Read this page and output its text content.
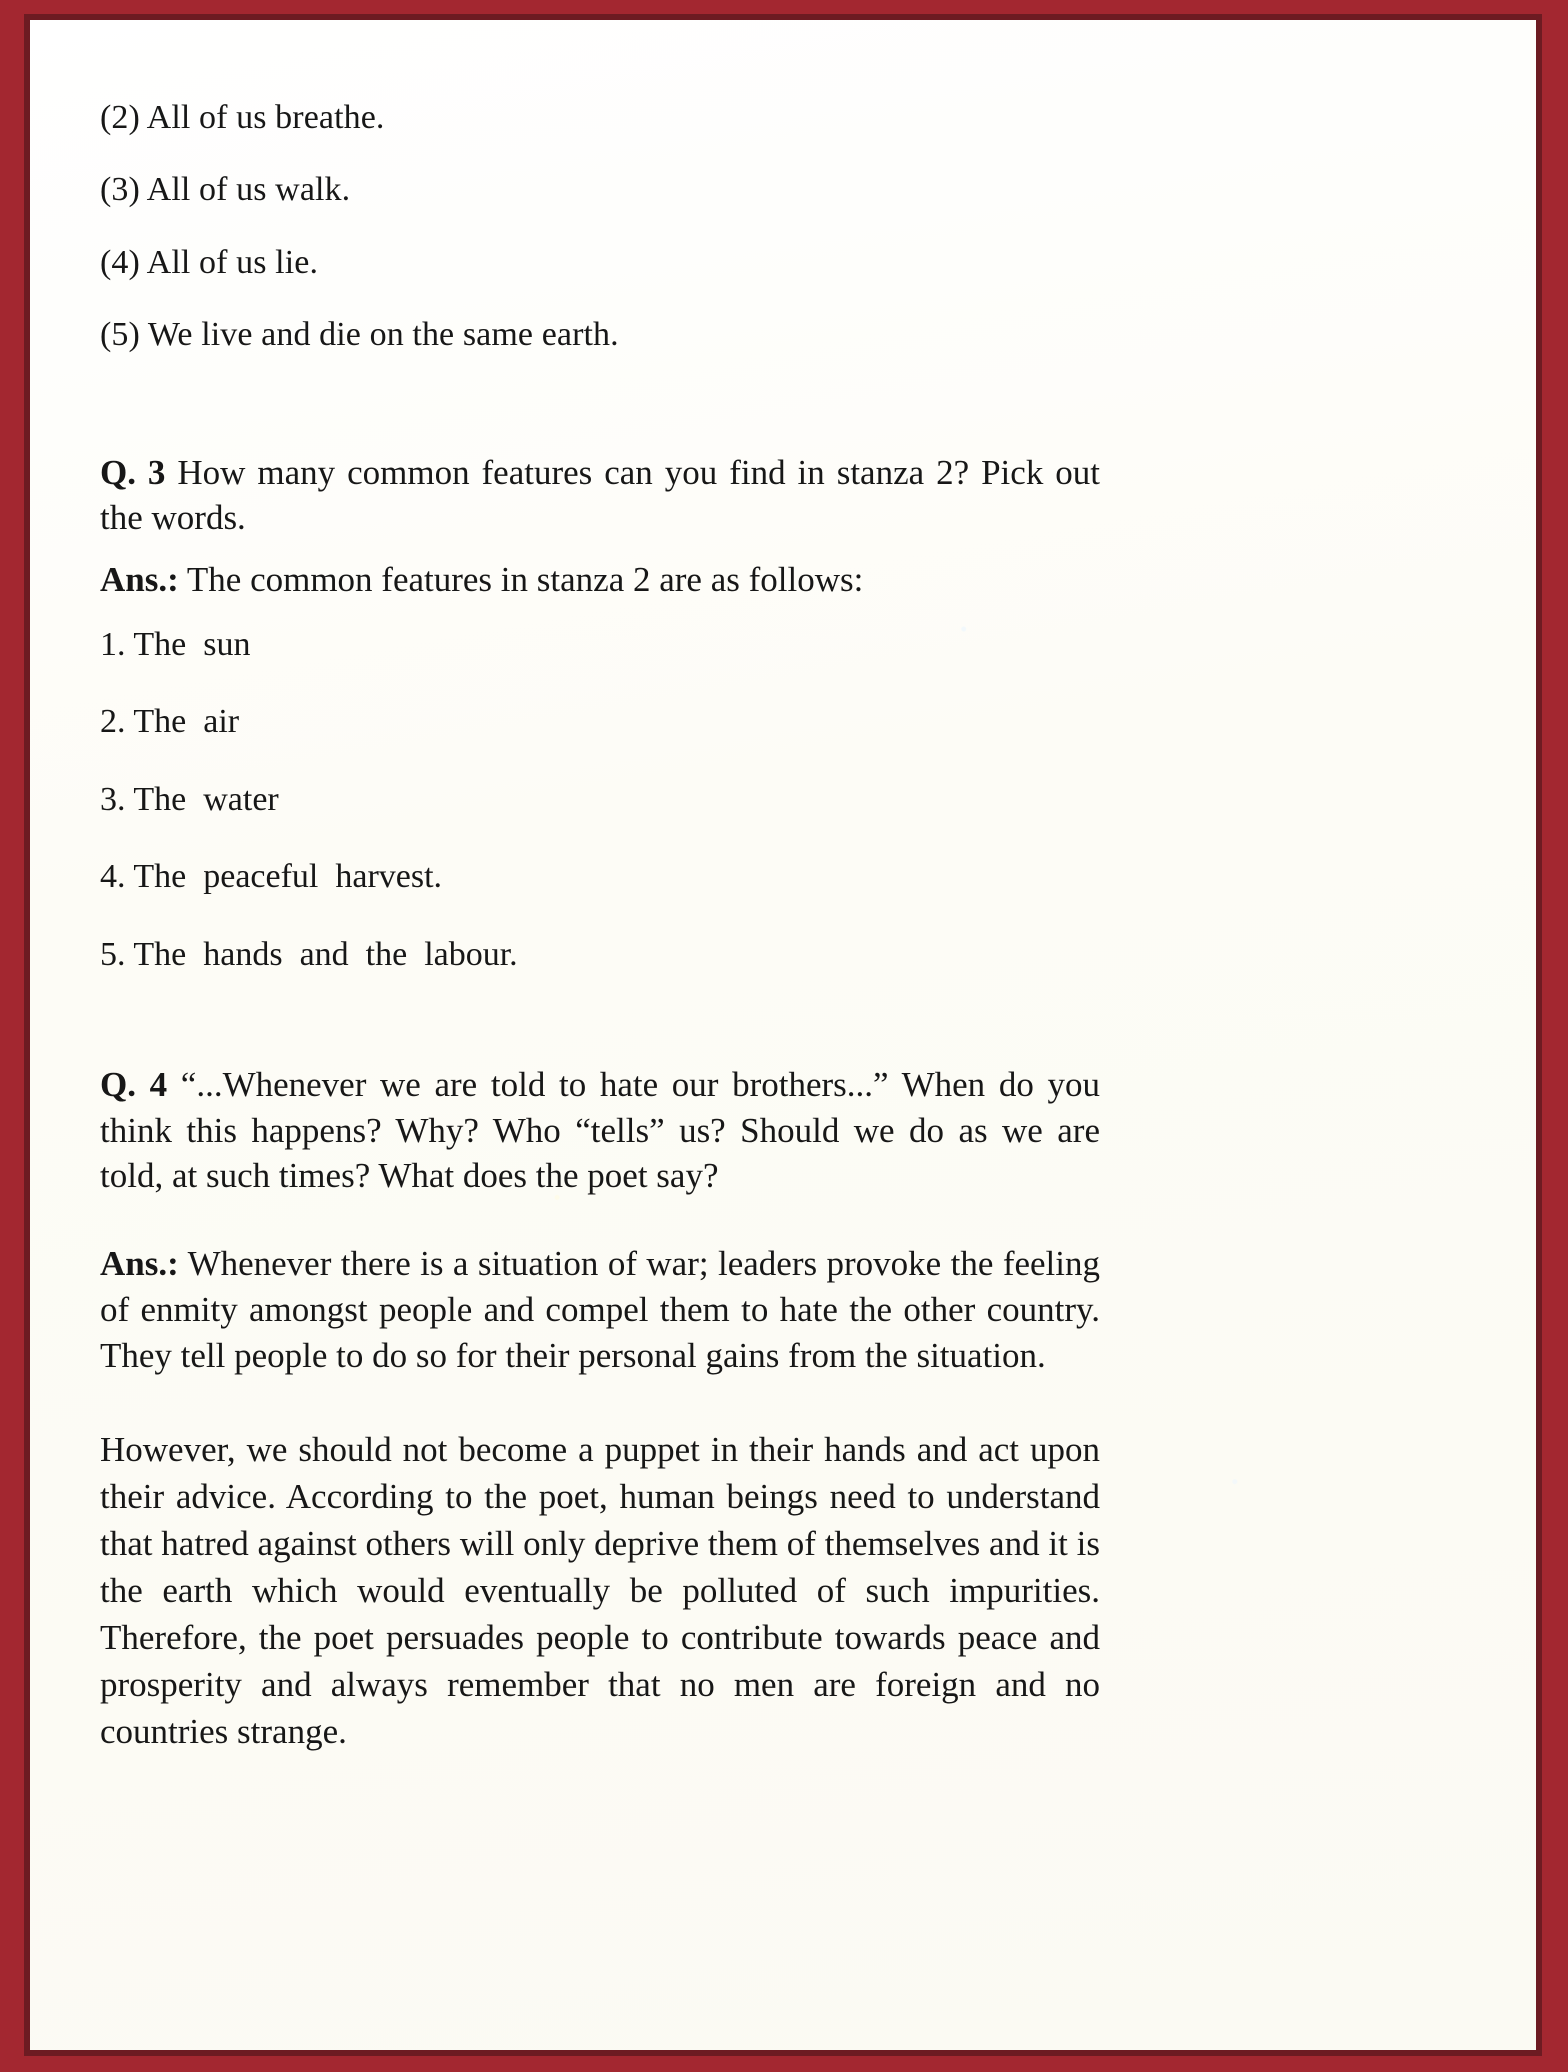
(2) All of us breathe.

(3) All of us walk.

(4) All of us lie.

(5) We live and die on the same earth.

Q. 3 How many common features can you find in stanza 2? Pick out the words.

Ans.: The common features in stanza 2 are as follows:

1. The  sun

2. The  air

3. The  water

4. The  peaceful  harvest.

5. The  hands  and  the  labour.

Q. 4 “...Whenever we are told to hate our brothers...” When do you think this happens? Why? Who “tells” us? Should we do as we are told, at such times? What does the poet say?

Ans.: Whenever there is a situation of war; leaders provoke the feeling of enmity amongst people and compel them to hate the other country. They tell people to do so for their personal gains from the situation.

However, we should not become a puppet in their hands and act upon their advice. According to the poet, human beings need to understand that hatred against others will only deprive them of themselves and it is the earth which would eventually be polluted of such impurities. Therefore, the poet persuades people to contribute towards peace and prosperity and always remember that no men are foreign and no countries strange.
